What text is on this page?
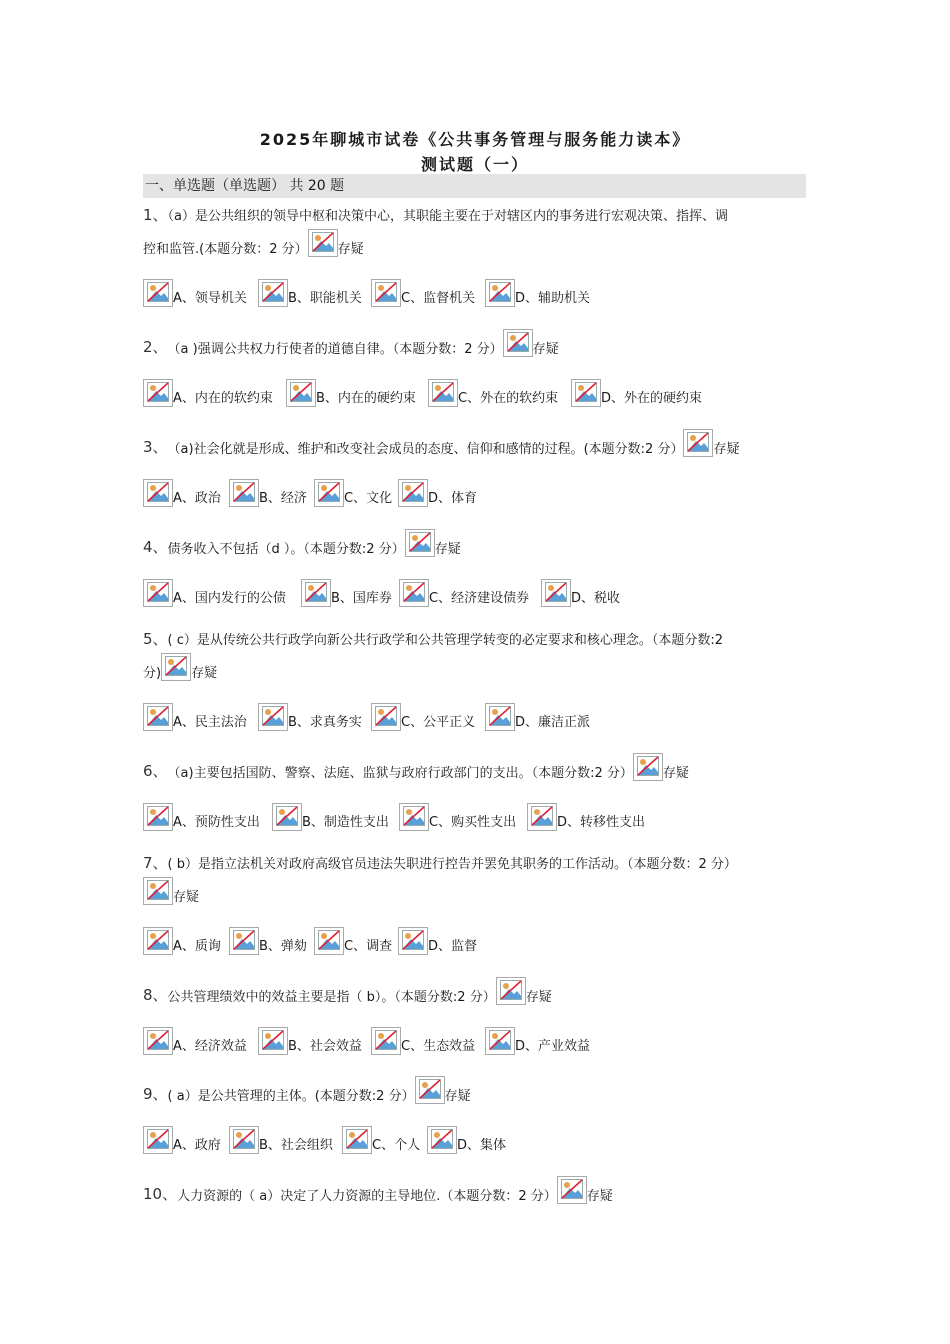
2025年聊城市试卷《公共事务管理与服务能力读本》
测试题（一）
一、单选题（单选题） 共 20 题
1、（a）是公共组织的领导中枢和决策中心，其职能主要在于对辖区内的事务进行宏观决策、指挥、调
控和监管.(本题分数：2 分） 存疑
A、领导机关	B、职能机关	C、监督机关	D、辅助机关
2、 （a )强调公共权力行使者的道德自律。（本题分数：2 分） 存疑
A、内在的软约束	B、内在的硬约束	C、外在的软约束	D、外在的硬约束
3、 （a)社会化就是形成、维护和改变社会成员的态度、信仰和感情的过程。(本题分数:2 分） 存疑
A、政治	B、经济	C、文化	D、体育
4、 债务收入不包括（d ）。（本题分数:2 分） 存疑
A、国内发行的公债	B、国库券	C、经济建设债券	D、税收
5、( c）是从传统公共行政学向新公共行政学和公共管理学转变的必定要求和核心理念。（本题分数:2
分) 存疑
A、民主法治	B、求真务实	C、公平正义	D、廉洁正派
6、 （a)主要包括国防、警察、法庭、监狱与政府行政部门的支出。（本题分数:2 分） 存疑
A、预防性支出	B、制造性支出	C、购买性支出	D、转移性支出
7、( b）是指立法机关对政府高级官员违法失职进行控告并罢免其职务的工作活动。（本题分数：2 分）
存疑
A、质询	B、弹劾	C、调查	D、监督
8、 公共管理绩效中的效益主要是指（ b）。（本题分数:2 分） 存疑
A、经济效益	B、社会效益	C、生态效益	D、产业效益
9、 ( a）是公共管理的主体。(本题分数:2 分） 存疑
A、政府	B、社会组织	C、个人	D、集体
10、 人力资源的（ a）决定了人力资源的主导地位.（本题分数：2 分） 存疑
